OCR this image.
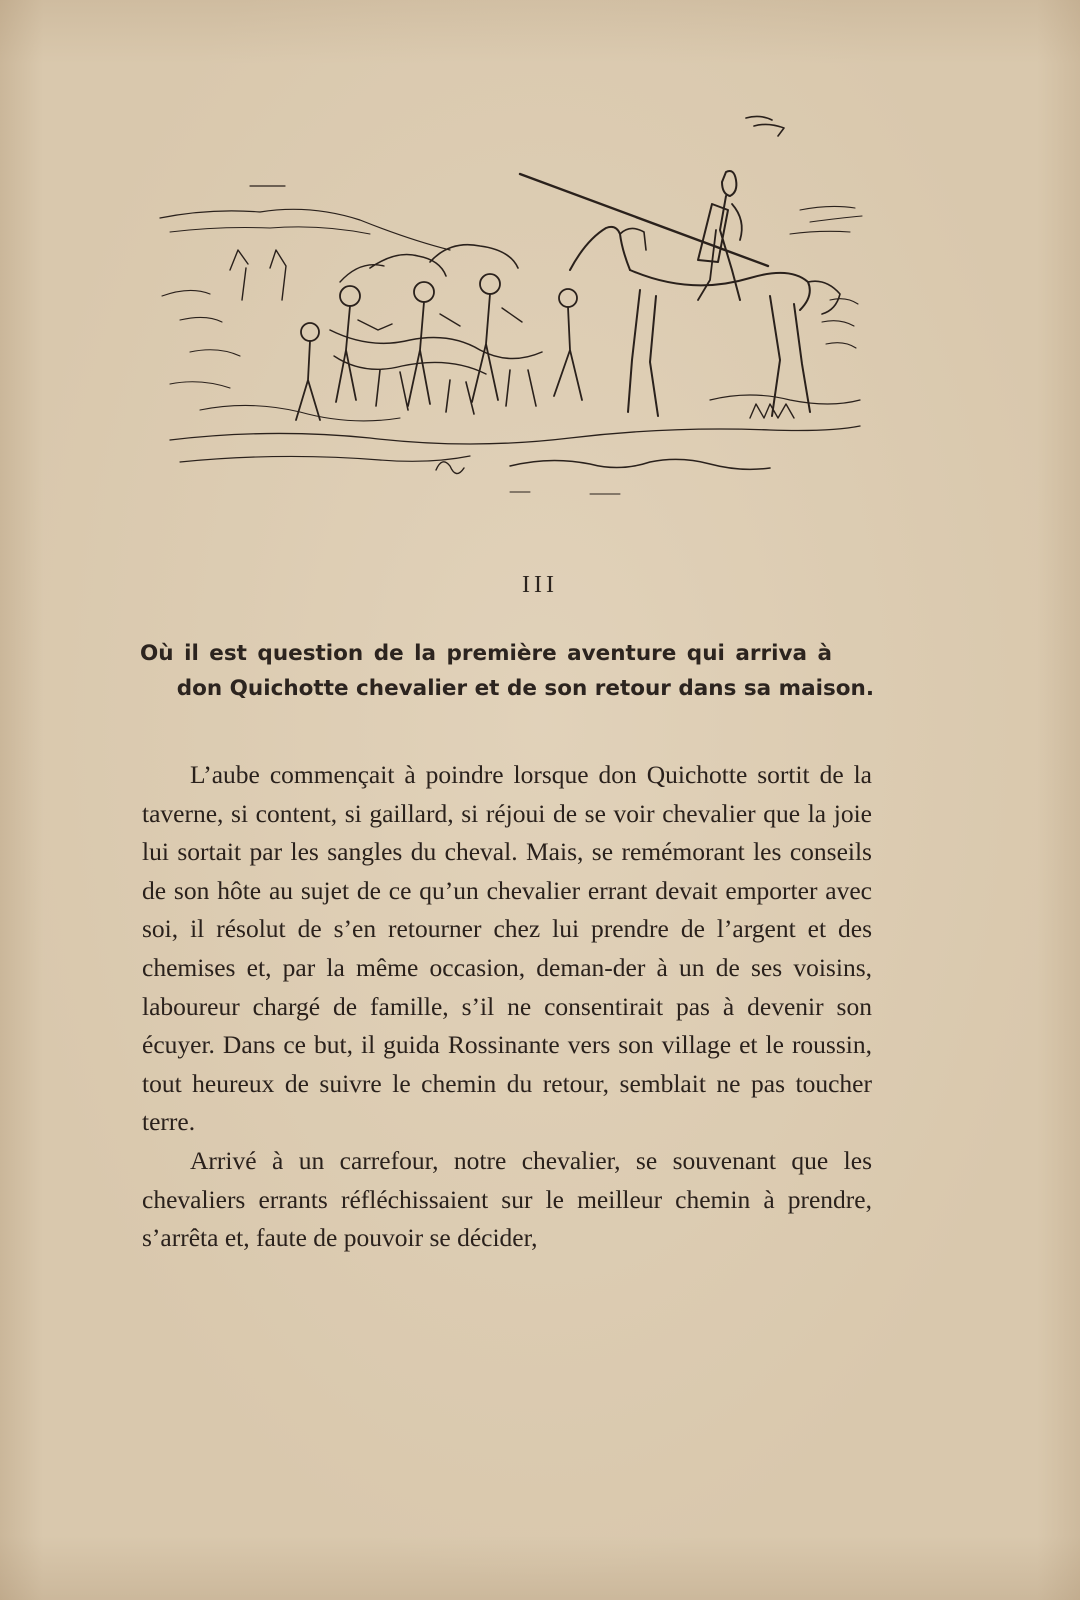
III
Où il est question de la première aventure qui arriva à
don Quichotte chevalier et de son retour dans sa maison.

L’aube commençait à poindre lorsque don Quichotte sortit de la taverne, si content, si gaillard, si réjoui de se voir chevalier que la joie lui sortait par les sangles du cheval. Mais, se remémorant les conseils de son hôte au sujet de ce qu’un chevalier errant devait emporter avec soi, il résolut de s’en retourner chez lui prendre de l’argent et des chemises et, par la même occasion, deman-der à un de ses voisins, laboureur chargé de famille, s’il ne consentirait pas à devenir son écuyer. Dans ce but, il guida Rossinante vers son village et le roussin, tout heureux de suivre le chemin du retour, semblait ne pas toucher terre.

Arrivé à un carrefour, notre chevalier, se souvenant que les chevaliers errants réfléchissaient sur le meilleur chemin à prendre, s’arrêta et, faute de pouvoir se décider,
